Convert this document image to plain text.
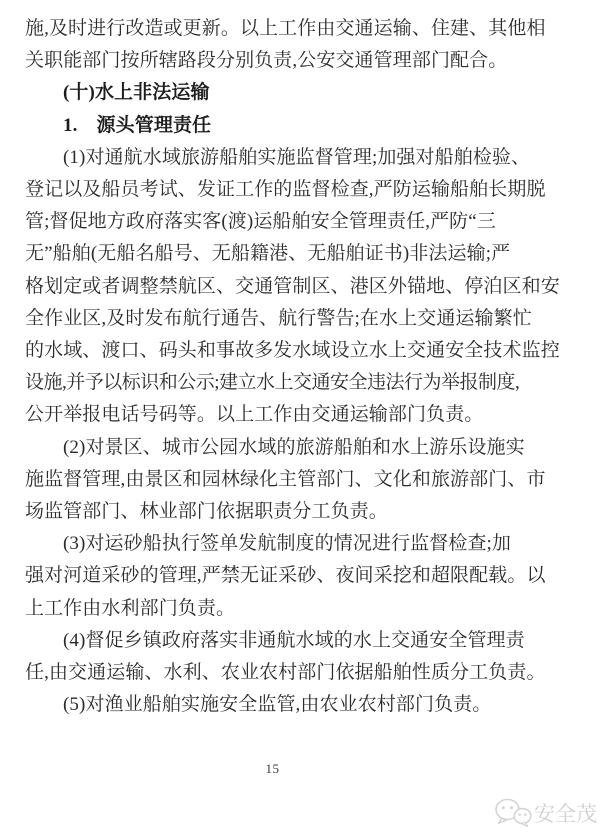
施,及时进行改造或更新。以上工作由交通运输、住建、其他相
关职能部门按所辖路段分别负责,公安交通管理部门配合。
(十)水上非法运输
1.　源头管理责任
(1)对通航水域旅游船舶实施监督管理;加强对船舶检验、
登记以及船员考试、发证工作的监督检查,严防运输船舶长期脱
管;督促地方政府落实客(渡)运船舶安全管理责任,严防“三
无”船舶(无船名船号、无船籍港、无船舶证书)非法运输;严
格划定或者调整禁航区、交通管制区、港区外锚地、停泊区和安
全作业区,及时发布航行通告、航行警告;在水上交通运输繁忙
的水域、渡口、码头和事故多发水域设立水上交通安全技术监控
设施,并予以标识和公示;建立水上交通安全违法行为举报制度,
公开举报电话号码等。以上工作由交通运输部门负责。
(2)对景区、城市公园水域的旅游船舶和水上游乐设施实
施监督管理,由景区和园林绿化主管部门、文化和旅游部门、市
场监管部门、林业部门依据职责分工负责。
(3)对运砂船执行签单发航制度的情况进行监督检查;加
强对河道采砂的管理,严禁无证采砂、夜间采挖和超限配载。以
上工作由水利部门负责。
(4)督促乡镇政府落实非通航水域的水上交通安全管理责
任,由交通运输、水利、农业农村部门依据船舶性质分工负责。
(5)对渔业船舶实施安全监管,由农业农村部门负责。
15
安全茂
